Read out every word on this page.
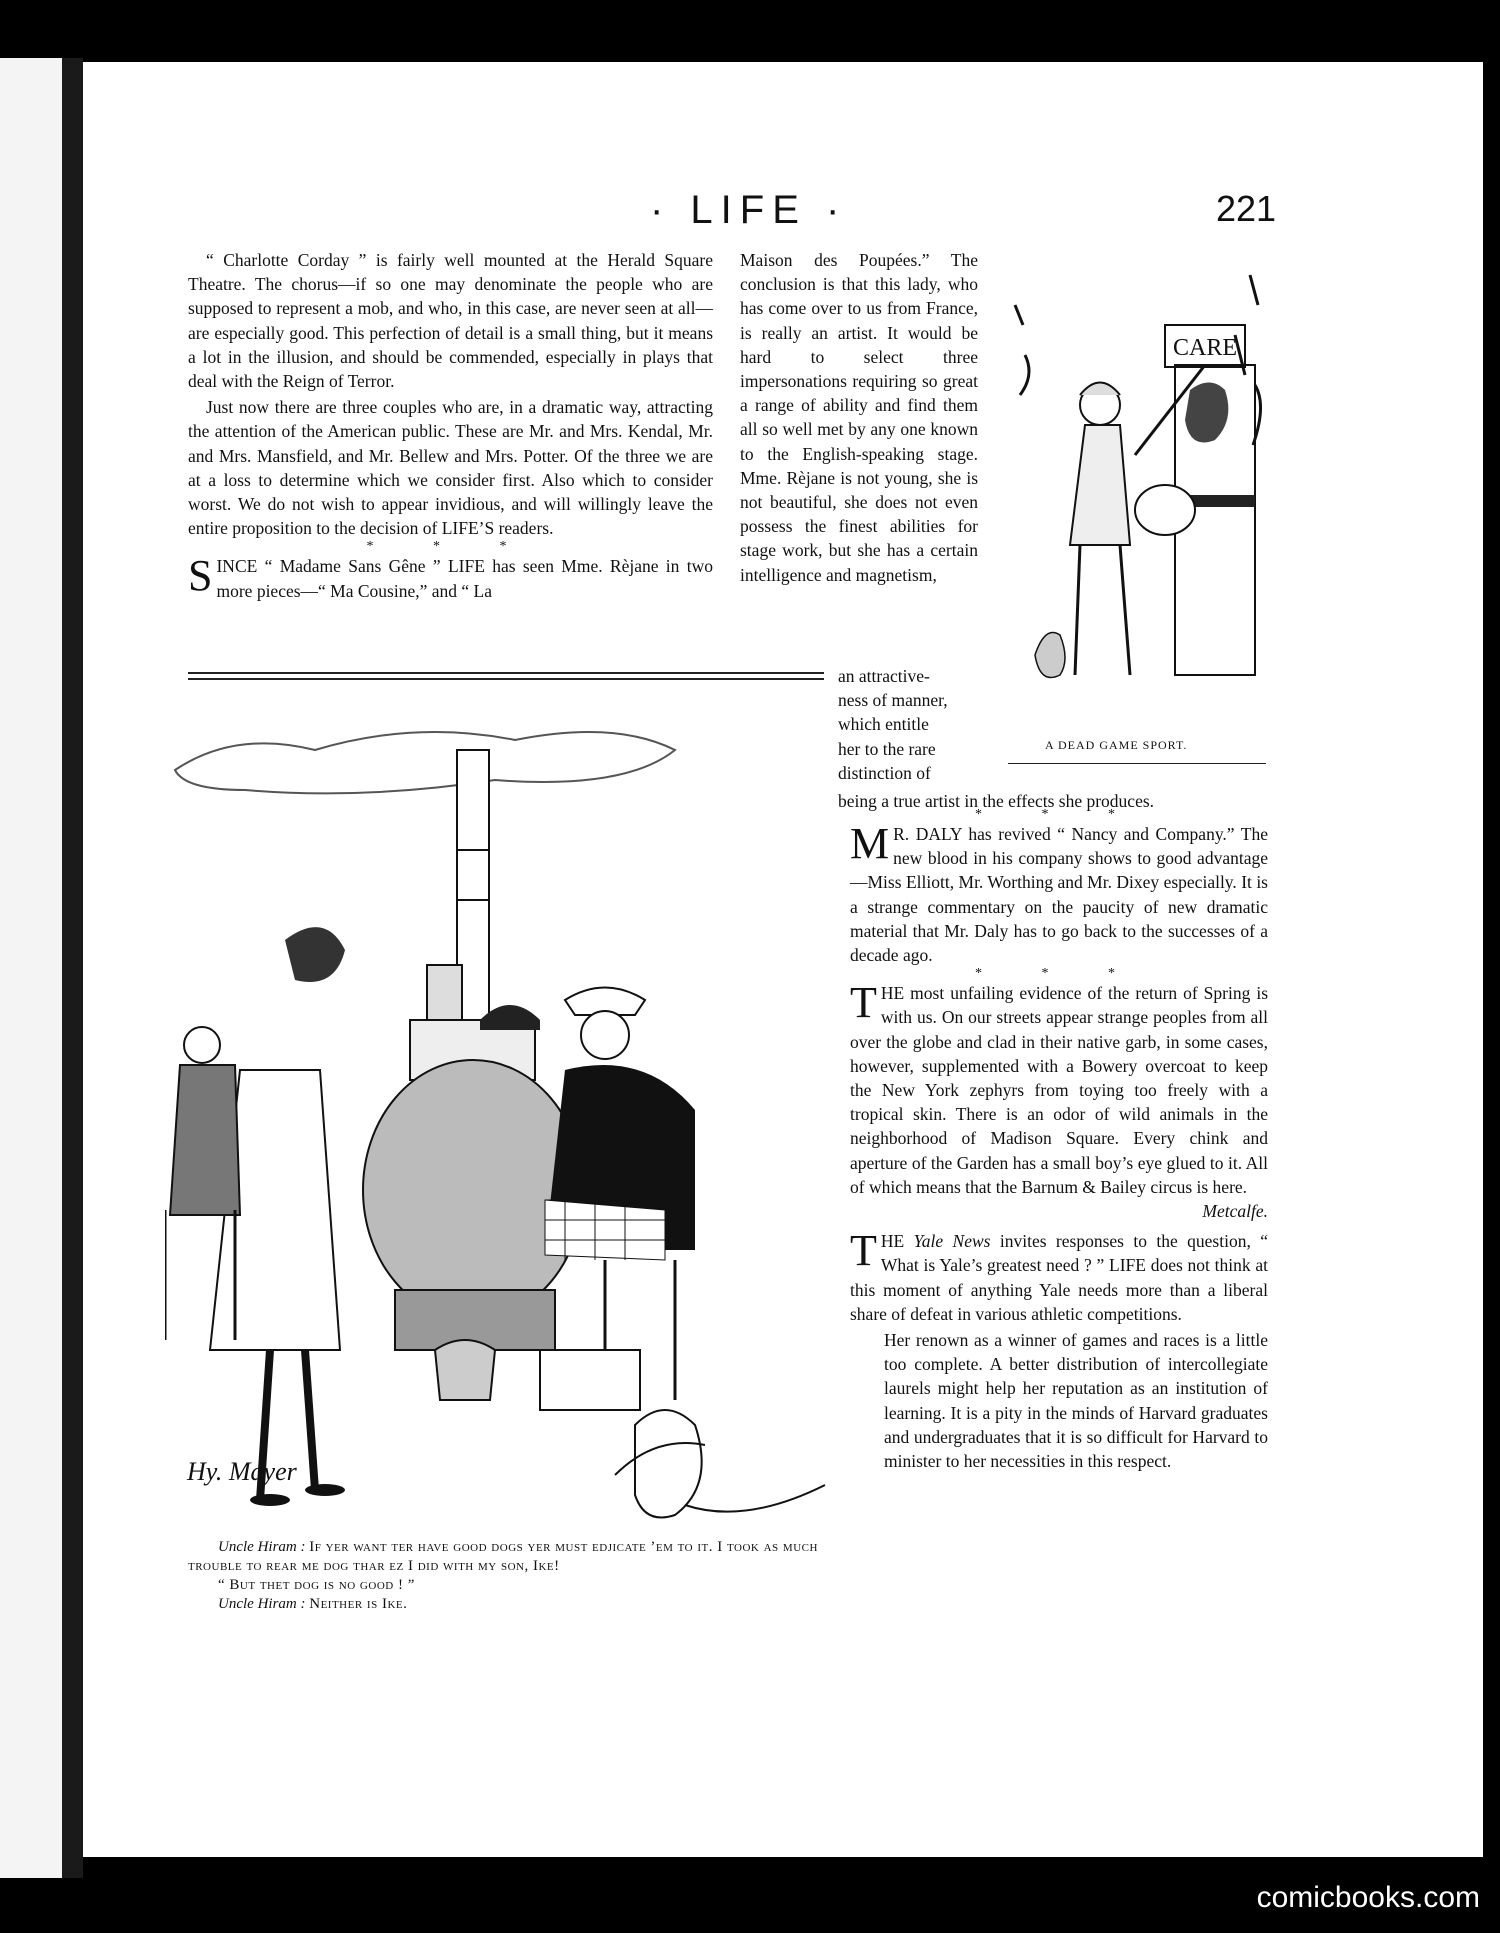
· LIFE ·	221

“ Charlotte Corday ” is fairly well mounted at the Herald Square Theatre. The chorus—if so one may denominate the people who are supposed to represent a mob, and who, in this case, are never seen at all—are especially good. This perfection of detail is a small thing, but it means a lot in the illusion, and should be commended, especially in plays that deal with the Reign of Terror.

Just now there are three couples who are, in a dramatic way, attracting the attention of the American public. These are Mr. and Mrs. Kendal, Mr. and Mrs. Mansfield, and Mr. Bellew and Mrs. Potter. Of the three we are at a loss to determine which we consider first. Also which to consider worst. We do not wish to appear invidious, and will willingly leave the entire proposition to the decision of LIFE’S readers.

* * *

SINCE “ Madame Sans Gêne ” LIFE has seen Mme. Rèjane in two more pieces—“ Ma Cousine,” and “ La

Maison des Poupées.” The conclusion is that this lady, who has come over to us from France, is really an artist. It would be hard to select three impersonations requiring so great a range of ability and find them all so well met by any one known to the English-speaking stage. Mme. Rèjane is not young, she is not beautiful, she does not even possess the finest abilities for stage work, but she has a certain intelligence and magnetism,

an attractive-
ness of manner,
which entitle
her to the rare
distinction of
being a true artist in the effects she produces.
CARE
A DEAD GAME SPORT.
Hy. Mayer
Uncle Hiram : If yer want ter have good dogs yer must edjicate ’em to it. I took as much trouble to rear me dog thar ez I did with my son, Ike!
“ But thet dog is no good ! ”
Uncle Hiram : Neither is Ike.

* * *

M R. DALY has revived “ Nancy and Company.” The new blood in his company shows to good advantage—Miss Elliott, Mr. Worthing and Mr. Dixey especially. It is a strange commentary on the paucity of new dramatic material that Mr. Daly has to go back to the successes of a decade ago.

* * *

THE most unfailing evidence of the return of Spring is with us. On our streets appear strange peoples from all over the globe and clad in their native garb, in some cases, however, supplemented with a Bowery overcoat to keep the New York zephyrs from toying too freely with a tropical skin. There is an odor of wild animals in the neighborhood of Madison Square. Every chink and aperture of the Garden has a small boy’s eye glued to it. All of which means that the Barnum & Bailey circus is here.
Metcalfe.

THE Yale News invites responses to the question, “ What is Yale’s greatest need ? ” LIFE does not think at this moment of anything Yale needs more than a liberal share of defeat in various athletic competitions.

Her renown as a winner of games and races is a little too complete. A better distribution of intercollegiate laurels might help her reputation as an institution of learning. It is a pity in the minds of Harvard graduates and undergraduates that it is so difficult for Harvard to minister to her necessities in this respect.

comicbooks.com
